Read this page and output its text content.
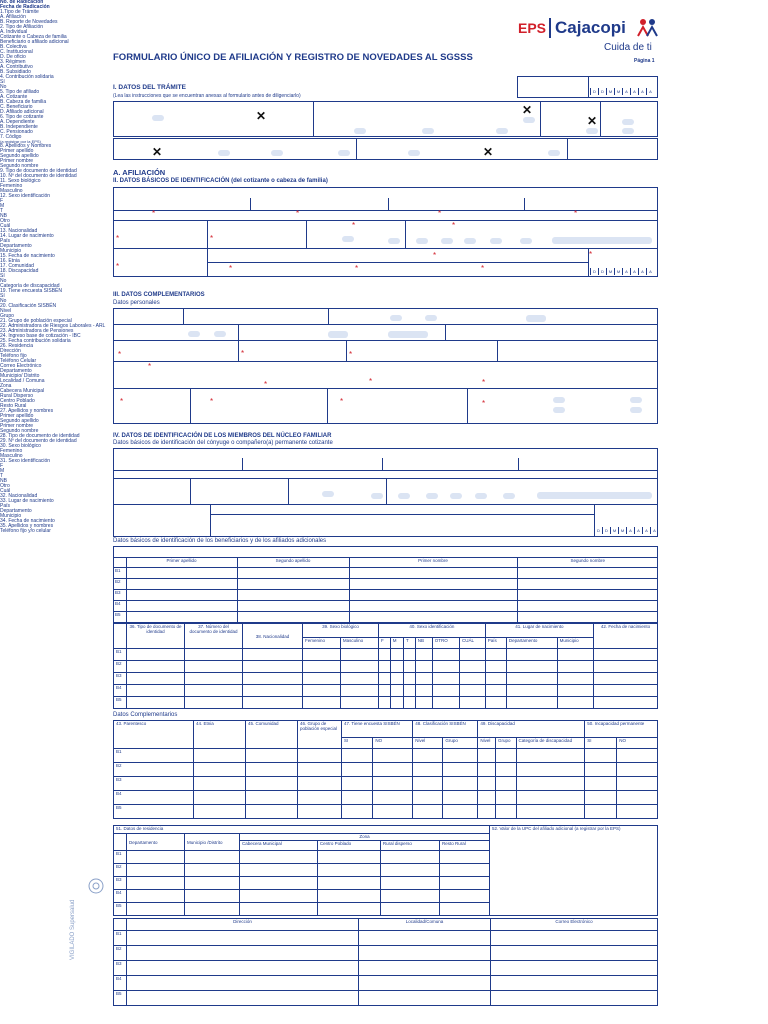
EPS Cajacopi
Cuida de ti
Página 1
FORMULARIO ÚNICO DE AFILIACIÓN Y REGISTRO DE NOVEDADES AL SGSSS
I. DATOS DEL TRÁMITE
(Lea las instrucciones que se encuentran anexas al formulario antes de diligenciarlo)
No. de Radicación
Fecha de Radicación
D	D	M	M	A	A	A	A
1.Tipo de Trámite
A. Afiliación
B. Reporte de Novedades
✕
2. Tipo de Afiliación
A. Individual
Cotizante o Cabeza de familia
✕
Beneficiario o afiliado adicional
B. Colectiva
C. Institucional
D. De oficio
3. Régimen
A. Contributivo
✕
B. Subsidiado
4. Contribución solidaria
Sí
No
5. Tipo de afiliado
A. Cotizante
✕
B. Cabeza de familia
C. Beneficiario
D. Afiliado adicional
6. Tipo de cotizante
A. Dependiente
B. Independiente
✕
C. Pensionado
7. Código
(a registrar por la EPS)
A. AFILIACIÓN
II. DATOS BÁSICOS DE IDENTIFICACIÓN (del cotizante o cabeza de familia)
8. Apellidos y Nombres
*
Primer apellido
*
Segundo apellido
*
Primer nombre
*
Segundo nombre
9. Tipo de documento de identidad
*
10. Nº del documento de identidad
*
11. Sexo biológico
*
Femenino
Masculino
12. Sexo identificación
*
F
M
T
NB
Otro
Cuál
13. Nacionalidad
*
14. Lugar de nacimiento
*
País
*
Departamento
*
Municipio
*
15. Fecha de nacimiento	*
D	D	M	M	A	A	A	A
III. DATOS COMPLEMENTARIOS
Datos personales
16. Etnia
17. Comunidad
18. Discapacidad
Sí
No
Categoría de discapacidad
19. Tiene encuesta SISBÉN
Sí
No
20. Clasificación SISBÉN
Nivel
Grupo
21. Grupo de población especial
22. Administradora de Riesgos Laborales - ARL
*
23. Administradora de Pensiones
*
24. Ingreso base de cotización - IBC
*
25. Fecha contribución solidaria
26. Residencia
*
Dirección
Teléfono fijo
*
Teléfono Celular
*
Correo Electrónico
*
*
Departamento
*
Municipio/ Distrito
*
Localidad / Comuna
Zona
*
Cabecera Municipal
Rural Disperso
Centro Poblado
Resto Rural
IV. DATOS DE IDENTIFICACIÓN DE LOS MIEMBROS DEL NÚCLEO FAMILIAR
Datos básicos de identificación del cónyuge o compañero(a) permanente cotizante
27. Apellidos y nombres
Primer apellido
Segundo apellido
Primer nombre
Segundo nombre
28. Tipo de documento de identidad
29. Nº del documento de identidad
30. Sexo biológico
Femenino
Masculino
31. Sexo identificación
F
M
T
NB
Otro
Cuál
32. Nacionalidad
33. Lugar de nacimiento
País
Departamento
Municipio
34. Fecha de nacimiento
D	D	M	M	A	A	A	A
Datos básicos de identificación de los beneficiarios y de los afiliados adicionales
35. Apellidos y nombres
	Primer apellido	Segundo apellido	Primer nombre	Segundo nombre
B1				
B2				
B3				
B4				
B5				
	36. Tipo de documento de identidad	37. Número del documento de identidad	38. Nacionalidad	39. Sexo biológico		40. Sexo identificación						41. Lugar de nacimiento			42. Fecha de nacimiento
				Femenino	Masculino	F	M	T	NB	OTRO	CUÁL	País	Departamento	Municipio	
B1															
B2															
B3															
B4															
B5															
Datos Complementarios
43. Parentesco	44. Etnia	45. Comunidad	46. Grupo de población especial	47. Tiene encuesta SISBÉN		48. Clasificación SISBÉN		49. Discapacidad			50. Incapacidad permanente	
				SI	NO	Nivel	Grupo	Nivel	Grupo	Categoría de discapacidad	SI	NO
B1												
B2												
B3												
B4												
B5												
51. Datos de residencia							52. Valor de la UPC del afiliado adicional (a registrar por la EPS)
	Departamento	Municipio /Distrito	Zona				
			Cabecera Municipal	Centro Poblado	Rural disperso	Resto Rural	
B1							
B2							
B3							
B4							
B5							
Teléfono fijo y/o celular
	Dirección	Localidad/Comuna	Correo Electrónico
B1			
B2			
B3			
B4			
B5			
VIGILADO Supersalud
